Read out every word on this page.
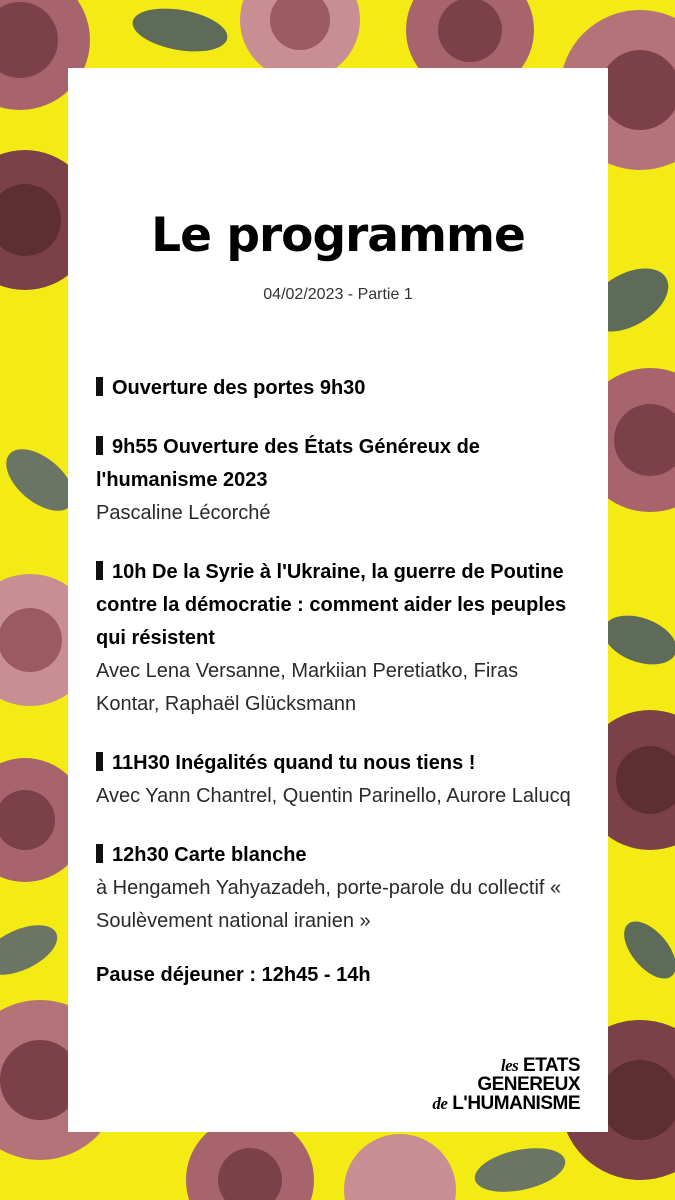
Le programme
04/02/2023 - Partie 1
Ouverture des portes 9h30
9h55 Ouverture des États Généreux de l'humanisme 2023
Pascaline Lécorché
10h De la Syrie à l'Ukraine, la guerre de Poutine contre la démocratie : comment aider les peuples qui résistent
Avec Lena Versanne, Markiian Peretiatko, Firas Kontar, Raphaël Glücksmann
11H30 Inégalités quand tu nous tiens !
Avec Yann Chantrel, Quentin Parinello, Aurore Lalucq
12h30 Carte blanche
à Hengameh Yahyazadeh, porte-parole du collectif « Soulèvement national iranien »
Pause déjeuner : 12h45 - 14h
les ETATS
GENEREUX
de L'HUMANISME
